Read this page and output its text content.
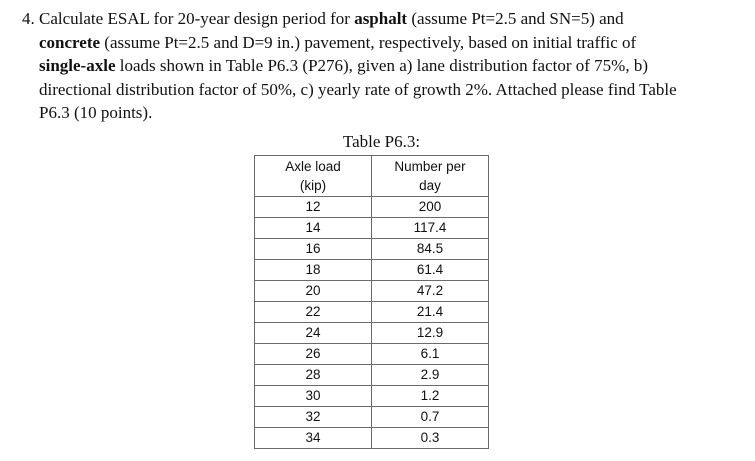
4. Calculate ESAL for 20-year design period for asphalt (assume Pt=2.5 and SN=5) and
concrete (assume Pt=2.5 and D=9 in.) pavement, respectively, based on initial traffic of
single-axle loads shown in Table P6.3 (P276), given a) lane distribution factor of 75%, b)
directional distribution factor of 50%, c) yearly rate of growth 2%. Attached please find Table
P6.3 (10 points).
Table P6.3:
Axle load
(kip)	Number per
day
12	200
14	117.4
16	84.5
18	61.4
20	47.2
22	21.4
24	12.9
26	6.1
28	2.9
30	1.2
32	0.7
34	0.3
